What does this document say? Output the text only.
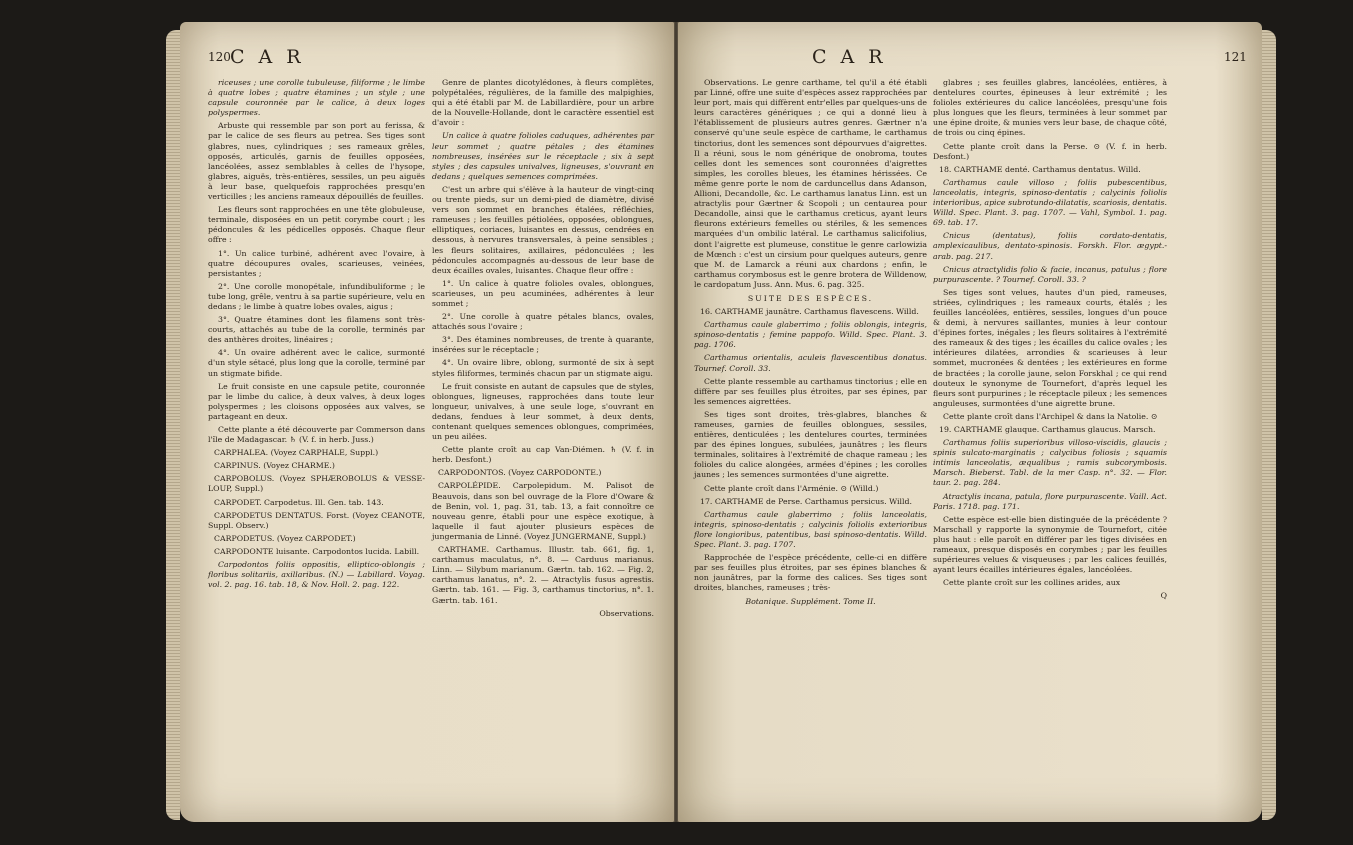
120 CAR

riceuses ; une corolle tubuleuse, filiforme ; le limbe à quatre lobes ; quatre étamines ; un style ; une capsule couronnée par le calice, à deux loges polyspermes.

Arbuste qui ressemble par son port au ferissa, & par le calice de ses fleurs au petrea. Ses tiges sont glabres, nues, cylindriques ; ses rameaux grêles, opposés, articulés, garnis de feuilles opposées, lancéolées, assez semblables à celles de l'hysope, glabres, aiguës, très-entières, sessiles, un peu aiguës à leur base, quelquefois rapprochées presqu'en verticilles ; les anciens rameaux dépouillés de feuilles.

Les fleurs sont rapprochées en une tête globuleuse, terminale, disposées en un petit corymbe court ; les pédoncules & les pédicelles opposés. Chaque fleur offre :

1°. Un calice turbiné, adhérent avec l'ovaire, à quatre découpures ovales, scarieuses, veinées, persistantes ;

2°. Une corolle monopétale, infundibuliforme ; le tube long, grêle, ventru à sa partie supérieure, velu en dedans ; le limbe à quatre lobes ovales, aigus ;

3°. Quatre étamines dont les filamens sont très-courts, attachés au tube de la corolle, terminés par des anthères droites, linéaires ;

4°. Un ovaire adhérent avec le calice, surmonté d'un style sétacé, plus long que la corolle, terminé par un stigmate bifide.

Le fruit consiste en une capsule petite, couronnée par le limbe du calice, à deux valves, à deux loges polyspermes ; les cloisons opposées aux valves, se partageant en deux.

Cette plante a été découverte par Commerson dans l'île de Madagascar. ♄ (V. f. in herb. Juss.)

CARPHALEA. (Voyez CARPHALE, Suppl.)

CARPINUS. (Voyez CHARME.)

CARPOBOLUS. (Voyez SPHÆROBOLUS & VESSE-LOUP, Suppl.)

CARPODET. Carpodetus. Ill. Gen. tab. 143.

CARPODETUS DENTATUS. Forst. (Voyez CEANOTE, Suppl. Observ.)

CARPODETUS. (Voyez CARPODET.)

CARPODONTE luisante. Carpodontos lucida. Labill.

Carpodontos foliis oppositis, elliptico-oblongis ; floribus solitariis, axillaribus. (N.) — Labillard. Voyag. vol. 2. pag. 16. tab. 18, & Nov. Holl. 2. pag. 122.

Genre de plantes dicotylédones, à fleurs complètes, polypétalées, régulières, de la famille des malpighies, qui a été établi par M. de Labillardière, pour un arbre de la Nouvelle-Hollande, dont le caractère essentiel est d'avoir :

Un calice à quatre folioles caduques, adhérentes par leur sommet ; quatre pétales ; des étamines nombreuses, insérées sur le réceptacle ; six à sept styles ; des capsules univalves, ligneuses, s'ouvrant en dedans ; quelques semences comprimées.

C'est un arbre qui s'élève à la hauteur de vingt-cinq ou trente pieds, sur un demi-pied de diamètre, divisé vers son sommet en branches étalées, réfléchies, rameuses ; les feuilles pétiolées, opposées, oblongues, elliptiques, coriaces, luisantes en dessus, cendrées en dessous, à nervures transversales, à peine sensibles ; les fleurs solitaires, axillaires, pédonculées ; les pédoncules accompagnés au-dessous de leur base de deux écailles ovales, luisantes. Chaque fleur offre :

1°. Un calice à quatre folioles ovales, oblongues, scarieuses, un peu acuminées, adhérentes à leur sommet ;

2°. Une corolle à quatre pétales blancs, ovales, attachés sous l'ovaire ;

3°. Des étamines nombreuses, de trente à quarante, insérées sur le réceptacle ;

4°. Un ovaire libre, oblong, surmonté de six à sept styles filiformes, terminés chacun par un stigmate aigu.

Le fruit consiste en autant de capsules que de styles, oblongues, ligneuses, rapprochées dans toute leur longueur, univalves, à une seule loge, s'ouvrant en dedans, fendues à leur sommet, à deux dents, contenant quelques semences oblongues, comprimées, un peu ailées.

Cette plante croît au cap Van-Diémen. ♄ (V. f. in herb. Desfont.)

CARPODONTOS. (Voyez CARPODONTE.)

CARPOLÉPIDE. Carpolepidum. M. Palisot de Beauvois, dans son bel ouvrage de la Flore d'Oware & de Benin, vol. 1, pag. 31, tab. 13, a fait connoître ce nouveau genre, établi pour une espèce exotique, à laquelle il faut ajouter plusieurs espèces de jungermania de Linné. (Voyez JUNGERMANE, Suppl.)

CARTHAME. Carthamus. Illustr. tab. 661, fig. 1, carthamus maculatus, n°. 8. — Carduus marianus. Linn. — Silybum marianum. Gærtn. tab. 162. — Fig. 2, carthamus lanatus, n°. 2. — Atractylis fusus agrestis. Gærtn. tab. 161. — Fig. 3, carthamus tinctorius, n°. 1. Gærtn. tab. 161.

Observations.

CAR	121

Observations. Le genre carthame, tel qu'il a été établi par Linné, offre une suite d'espèces assez rapprochées par leur port, mais qui diffèrent entr'elles par quelques-uns de leurs caractères génériques ; ce qui a donné lieu à l'établissement de plusieurs autres genres. Gærtner n'a conservé qu'une seule espèce de carthame, le carthamus tinctorius, dont les semences sont dépourvues d'aigrettes. Il a réuni, sous le nom générique de onobroma, toutes celles dont les semences sont couronnées d'aigrettes simples, les corolles bleues, les étamines hérissées. Ce même genre porte le nom de carduncellus dans Adanson, Allioni, Decandolle, &c. Le carthamus lanatus Linn. est un atractylis pour Gærtner & Scopoli ; un centaurea pour Decandolle, ainsi que le carthamus creticus, ayant leurs fleurons extérieurs femelles ou stériles, & les semences marquées d'un ombilic latéral. Le carthamus salicifolius, dont l'aigrette est plumeuse, constitue le genre carlowizia de Mœnch : c'est un cirsium pour quelques auteurs, genre que M. de Lamarck a réuni aux chardons ; enfin, le carthamus corymbosus est le genre brotera de Willdenow, le cardopatum Juss. Ann. Mus. 6. pag. 325.

SUITE DES ESPÈCES.

16. CARTHAME jaunâtre. Carthamus flavescens. Willd.

Carthamus caule glaberrimo ; foliis oblongis, integris, spinoso-dentatis ; femine pappofo. Willd. Spec. Plant. 3. pag. 1706.

Carthamus orientalis, aculeis flavescentibus donatus. Tournef. Coroll. 33.

Cette plante ressemble au carthamus tinctorius ; elle en diffère par ses feuilles plus étroites, par ses épines, par les semences aigrettées.

Ses tiges sont droites, très-glabres, blanches & rameuses, garnies de feuilles oblongues, sessiles, entières, denticulées ; les dentelures courtes, terminées par des épines longues, subulées, jaunâtres ; les fleurs terminales, solitaires à l'extrémité de chaque rameau ; les folioles du calice alongées, armées d'épines ; les corolles jaunes ; les semences surmontées d'une aigrette.

Cette plante croît dans l'Arménie. ⊙ (Willd.)

17. CARTHAME de Perse. Carthamus persicus. Willd.

Carthamus caule glaberrimo ; foliis lanceolatis, integris, spinoso-dentatis ; calycinis foliolis exterioribus flore longioribus, patentibus, basi spinoso-dentatis. Willd. Spec. Plant. 3. pag. 1707.

Rapprochée de l'espèce précédente, celle-ci en diffère par ses feuilles plus étroites, par ses épines blanches & non jaunâtres, par la forme des calices. Ses tiges sont droites, blanches, rameuses ; très-

Botanique. Supplément. Tome II.

glabres ; ses feuilles glabres, lancéolées, entières, à dentelures courtes, épineuses à leur extrémité ; les folioles extérieures du calice lancéolées, presqu'une fois plus longues que les fleurs, terminées à leur sommet par une épine droite, & munies vers leur base, de chaque côté, de trois ou cinq épines.

Cette plante croît dans la Perse. ⊙ (V. f. in herb. Desfont.)

18. CARTHAME denté. Carthamus dentatus. Willd.

Carthamus caule villoso ; foliis pubescentibus, lanceolatis, integris, spinoso-dentatis ; calycinis foliolis interioribus, apice subrotundo-dilatatis, scariosis, dentatis. Willd. Spec. Plant. 3. pag. 1707. — Vahl, Symbol. 1. pag. 69. tab. 17.

Cnicus (dentatus), foliis cordato-dentatis, amplexicaulibus, dentato-spinosis. Forskh. Flor. ægypt.-arab. pag. 217.

Cnicus atractylidis folio & facie, incanus, patulus ; flore purpurascente. ? Tournef. Coroll. 33. ?

Ses tiges sont velues, hautes d'un pied, rameuses, striées, cylindriques ; les rameaux courts, étalés ; les feuilles lancéolées, entières, sessiles, longues d'un pouce & demi, à nervures saillantes, munies à leur contour d'épines fortes, inégales ; les fleurs solitaires à l'extrémité des rameaux & des tiges ; les écailles du calice ovales ; les intérieures dilatées, arrondies & scarieuses à leur sommet, mucronées & dentées ; les extérieures en forme de bractées ; la corolle jaune, selon Forskhal ; ce qui rend douteux le synonyme de Tournefort, d'après lequel les fleurs sont purpurines ; le réceptacle pileux ; les semences anguleuses, surmontées d'une aigrette brune.

Cette plante croît dans l'Archipel & dans la Natolie. ⊙

19. CARTHAME glauque. Carthamus glaucus. Marsch.

Carthamus foliis superioribus villoso-viscidis, glaucis ; spinis sulcato-marginatis ; calycibus foliosis ; squamis intimis lanceolatis, æqualibus ; ramis subcorymbosis. Marsch. Bieberst. Tabl. de la mer Casp. n°. 32. — Flor. taur. 2. pag. 284.

Atractylis incana, patula, flore purpurascente. Vaill. Act. Paris. 1718. pag. 171.

Cette espèce est-elle bien distinguée de la précédente ? Marschall y rapporte la synonymie de Tournefort, citée plus haut : elle paroît en différer par les tiges divisées en rameaux, presque disposés en corymbes ; par les feuilles supérieures velues & visqueuses ; par les calices feuillés, ayant leurs écailles intérieures égales, lancéolées.

Cette plante croît sur les collines arides, aux

Q
